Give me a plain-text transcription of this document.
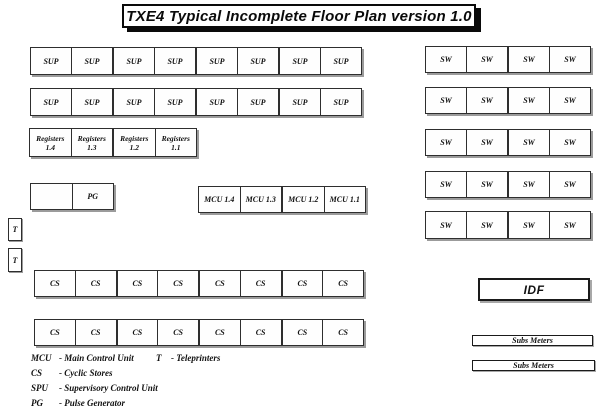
TXE4 Typical Incomplete Floor Plan version 1.0
SUP	SUP	SUP	SUP	SUP	SUP	SUP	SUP
SUP	SUP	SUP	SUP	SUP	SUP	SUP	SUP
Registers
1.4
Registers
1.3
Registers
1.2
Registers
1.1
PG	MCU 1.4	MCU 1.3	MCU 1.2	MCU 1.1
T
T
CS	CS	CS	CS	CS	CS	CS	CS
CS	CS	CS	CS	CS	CS	CS	CS
SW	SW	SW	SW
SW	SW	SW	SW
SW	SW	SW	SW
SW	SW	SW	SW
SW	SW	SW	SW
IDF
Subs Meters
Subs Meters
MCU - Main Control Unit
CS	- Cyclic Stores
SPU	- Supervisory Control Unit
PG	- Pulse Generator
T	- Teleprinters
